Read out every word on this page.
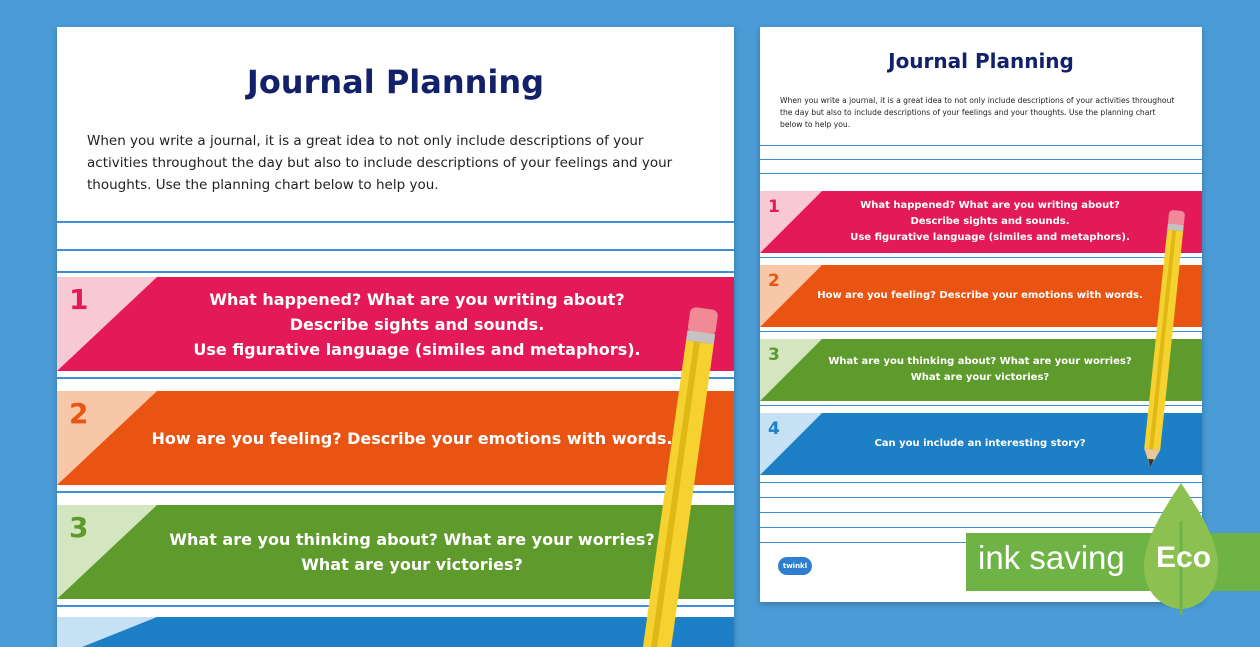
Journal Planning
When you write a journal, it is a great idea to not only include descriptions of your activities throughout the day but also to include descriptions of your feelings and your thoughts. Use the planning chart below to help you.
1	What happened? What are you writing about?
Describe sights and sounds.
Use figurative language (similes and metaphors).
2
How are you feeling? Describe your emotions with words.
3	What are you thinking about? What are your worries?
What are your victories?
Journal Planning
When you write a journal, it is a great idea to not only include descriptions of your activities throughout the day but also to include descriptions of your feelings and your thoughts. Use the planning chart below to help you.
1	What happened? What are you writing about?
Describe sights and sounds.
Use figurative language (similes and metaphors).
2
How are you feeling? Describe your emotions with words.
3	What are you thinking about? What are your worries?
What are your victories?
4
Can you include an interesting story?
twinkl	ink saving Eco
